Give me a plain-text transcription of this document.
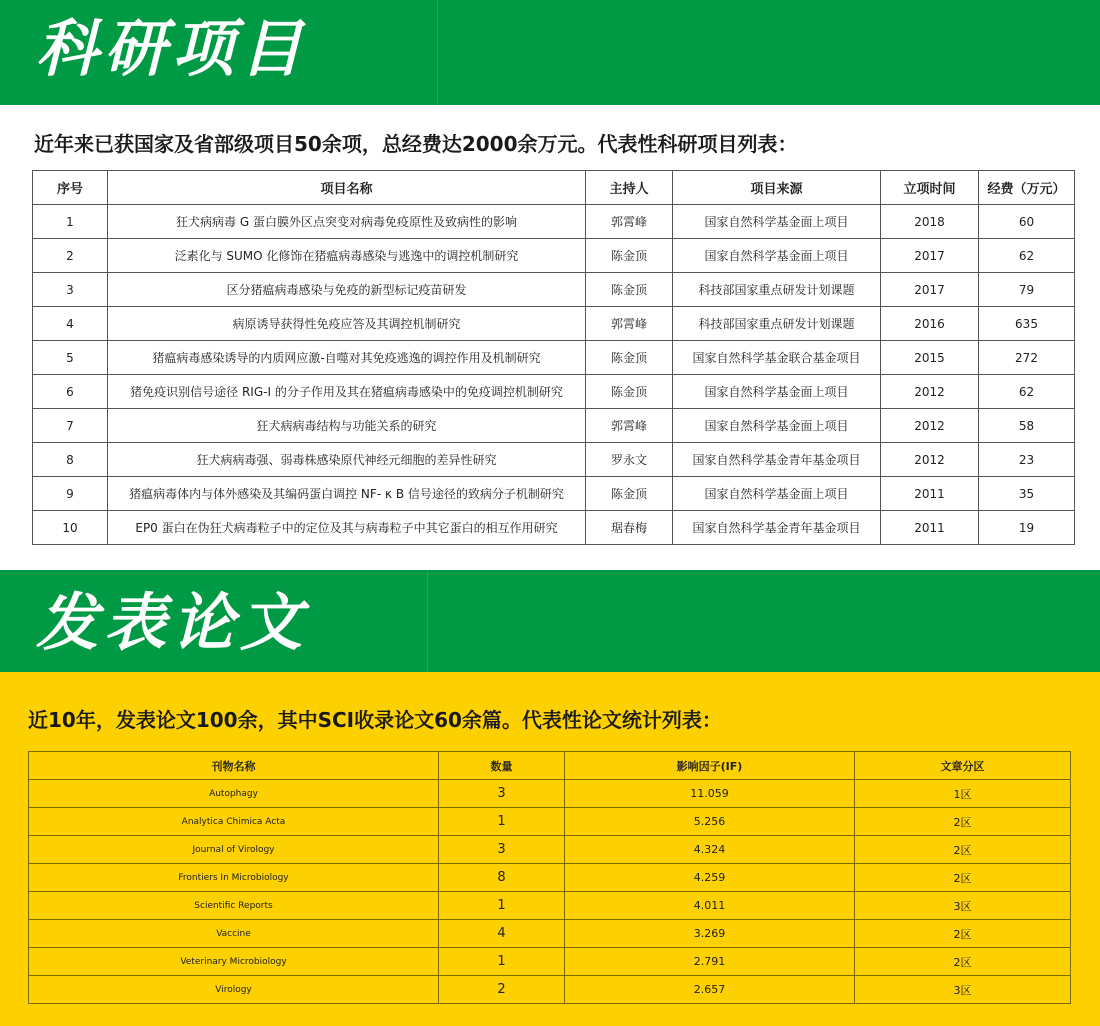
科研项目
近年来已获国家及省部级项目50余项，总经费达2000余万元。代表性科研项目列表：
序号	项目名称	主持人	项目来源	立项时间	经费（万元）
1	狂犬病病毒 G 蛋白膜外区点突变对病毒免疫原性及致病性的影响	郭霄峰	国家自然科学基金面上项目	2018	60
2	泛素化与 SUMO 化修饰在猪瘟病毒感染与逃逸中的调控机制研究	陈金顶	国家自然科学基金面上项目	2017	62
3	区分猪瘟病毒感染与免疫的新型标记疫苗研发	陈金顶	科技部国家重点研发计划课题	2017	79
4	病原诱导获得性免疫应答及其调控机制研究	郭霄峰	科技部国家重点研发计划课题	2016	635
5	猪瘟病毒感染诱导的内质网应激-自噬对其免疫逃逸的调控作用及机制研究	陈金顶	国家自然科学基金联合基金项目	2015	272
6	猪免疫识别信号途径 RIG-I 的分子作用及其在猪瘟病毒感染中的免疫调控机制研究	陈金顶	国家自然科学基金面上项目	2012	62
7	狂犬病病毒结构与功能关系的研究	郭霄峰	国家自然科学基金面上项目	2012	58
8	狂犬病病毒强、弱毒株感染原代神经元细胞的差异性研究	罗永文	国家自然科学基金青年基金项目	2012	23
9	猪瘟病毒体内与体外感染及其编码蛋白调控 NF- κ B 信号途径的致病分子机制研究	陈金顶	国家自然科学基金面上项目	2011	35
10	EP0 蛋白在伪狂犬病毒粒子中的定位及其与病毒粒子中其它蛋白的相互作用研究	琚春梅	国家自然科学基金青年基金项目	2011	19
发表论文
近10年，发表论文100余，其中SCI收录论文60余篇。代表性论文统计列表：
刊物名称	数量	影响因子(IF)	文章分区
Autophagy	3	11.059	1区
Analytica Chimica Acta	1	5.256	2区
Journal of Virology	3	4.324	2区
Frontiers In Microbiology	8	4.259	2区
Scientific Reports	1	4.011	3区
Vaccine	4	3.269	2区
Veterinary Microbiology	1	2.791	2区
Virology	2	2.657	3区
